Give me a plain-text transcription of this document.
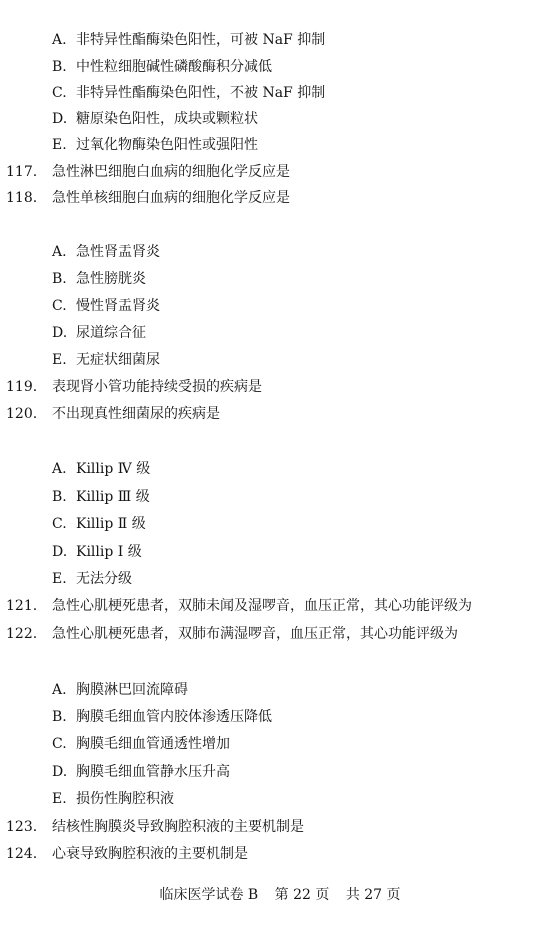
A. 非特异性酯酶染色阳性，可被 NaF 抑制
B. 中性粒细胞碱性磷酸酶积分减低
C. 非特异性酯酶染色阳性，不被 NaF 抑制
D. 糖原染色阳性，成块或颗粒状
E. 过氧化物酶染色阳性或强阳性
117. 急性淋巴细胞白血病的细胞化学反应是
118. 急性单核细胞白血病的细胞化学反应是
A. 急性肾盂肾炎
B. 急性膀胱炎
C. 慢性肾盂肾炎
D. 尿道综合征
E. 无症状细菌尿
119. 表现肾小管功能持续受损的疾病是
120. 不出现真性细菌尿的疾病是
A. Killip Ⅳ 级
B. Killip Ⅲ 级
C. Killip Ⅱ 级
D. Killip Ⅰ 级
E. 无法分级
121. 急性心肌梗死患者，双肺未闻及湿啰音，血压正常，其心功能评级为
122. 急性心肌梗死患者，双肺布满湿啰音，血压正常，其心功能评级为
A. 胸膜淋巴回流障碍
B. 胸膜毛细血管内胶体渗透压降低
C. 胸膜毛细血管通透性增加
D. 胸膜毛细血管静水压升高
E. 损伤性胸腔积液
123. 结核性胸膜炎导致胸腔积液的主要机制是
124. 心衰导致胸腔积液的主要机制是
临床医学试卷 B 第 22 页 共 27 页
